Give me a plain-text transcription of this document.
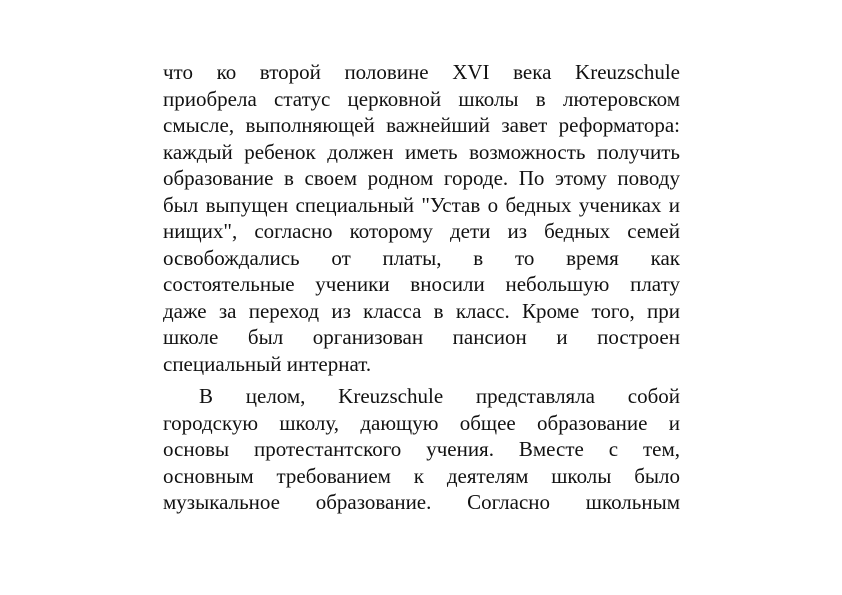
что ко второй половине XVI века Kreuzschule
приобрела статус церковной школы в лютеровском
смысле, выполняющей важнейший завет реформатора:
каждый ребенок должен иметь возможность получить
образование в своем родном городе. По этому поводу
был выпущен специальный "Устав о бедных учениках и
нищих", согласно которому дети из бедных семей
освобождались от платы, в то время как
состоятельные ученики вносили небольшую плату
даже за переход из класса в класс. Кроме того, при
школе был организован пансион и построен
специальный интернат.
В целом, Kreuzschule представляла собой
городскую школу, дающую общее образование и
основы протестантского учения. Вместе с тем,
основным требованием к деятелям школы было
музыкальное образование. Согласно школьным
